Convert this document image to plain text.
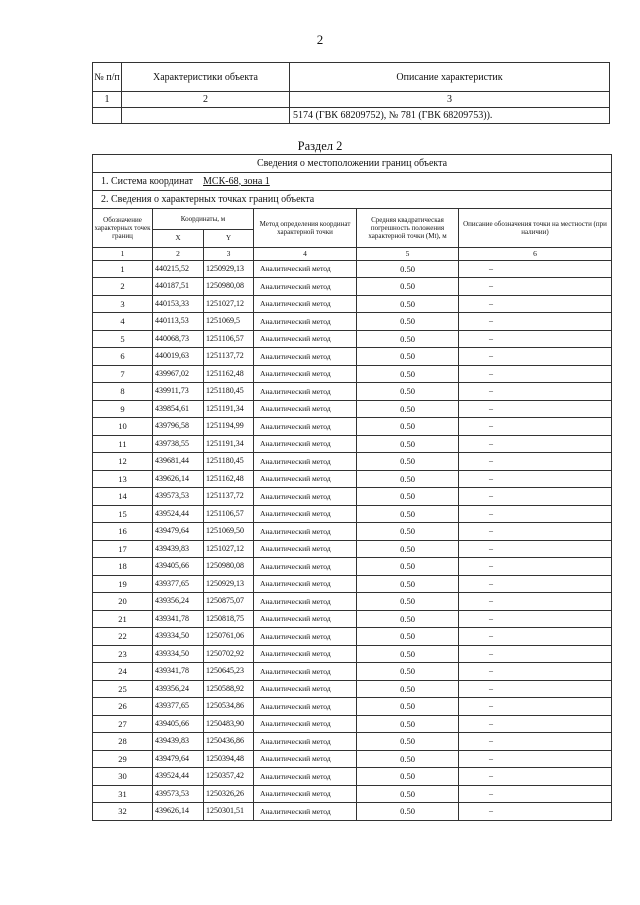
2
№ п/п	Характеристики объекта	Описание характеристик
1	2	3
		5174 (ГВК 68209752), № 781 (ГВК 68209753)).
Раздел 2
Сведения о местоположении границ объекта					
1. Система координат МСК-68, зона 1					
2. Сведения о характерных точках границ объекта					
Обозначение характерных точек границ	Координаты, м		Метод определения координат характерной точки	Средняя квадратическая погрешность положения характерной точки (Mt), м	Описание обозначения точки на местности (при наличии)
	X	Y			
1	2	3	4	5	6
1	440215,52	1250929,13	Аналитический метод	0.50	–
2	440187,51	1250980,08	Аналитический метод	0.50	–
3	440153,33	1251027,12	Аналитический метод	0.50	–
4	440113,53	1251069,5	Аналитический метод	0.50	–
5	440068,73	1251106,57	Аналитический метод	0.50	–
6	440019,63	1251137,72	Аналитический метод	0.50	–
7	439967,02	1251162,48	Аналитический метод	0.50	–
8	439911,73	1251180,45	Аналитический метод	0.50	–
9	439854,61	1251191,34	Аналитический метод	0.50	–
10	439796,58	1251194,99	Аналитический метод	0.50	–
11	439738,55	1251191,34	Аналитический метод	0.50	–
12	439681,44	1251180,45	Аналитический метод	0.50	–
13	439626,14	1251162,48	Аналитический метод	0.50	–
14	439573,53	1251137,72	Аналитический метод	0.50	–
15	439524,44	1251106,57	Аналитический метод	0.50	–
16	439479,64	1251069,50	Аналитический метод	0.50	–
17	439439,83	1251027,12	Аналитический метод	0.50	–
18	439405,66	1250980,08	Аналитический метод	0.50	–
19	439377,65	1250929,13	Аналитический метод	0.50	–
20	439356,24	1250875,07	Аналитический метод	0.50	–
21	439341,78	1250818,75	Аналитический метод	0.50	–
22	439334,50	1250761,06	Аналитический метод	0.50	–
23	439334,50	1250702,92	Аналитический метод	0.50	–
24	439341,78	1250645,23	Аналитический метод	0.50	–
25	439356,24	1250588,92	Аналитический метод	0.50	–
26	439377,65	1250534,86	Аналитический метод	0.50	–
27	439405,66	1250483,90	Аналитический метод	0.50	–
28	439439,83	1250436,86	Аналитический метод	0.50	–
29	439479,64	1250394,48	Аналитический метод	0.50	–
30	439524,44	1250357,42	Аналитический метод	0.50	–
31	439573,53	1250326,26	Аналитический метод	0.50	–
32	439626,14	1250301,51	Аналитический метод	0.50	–
